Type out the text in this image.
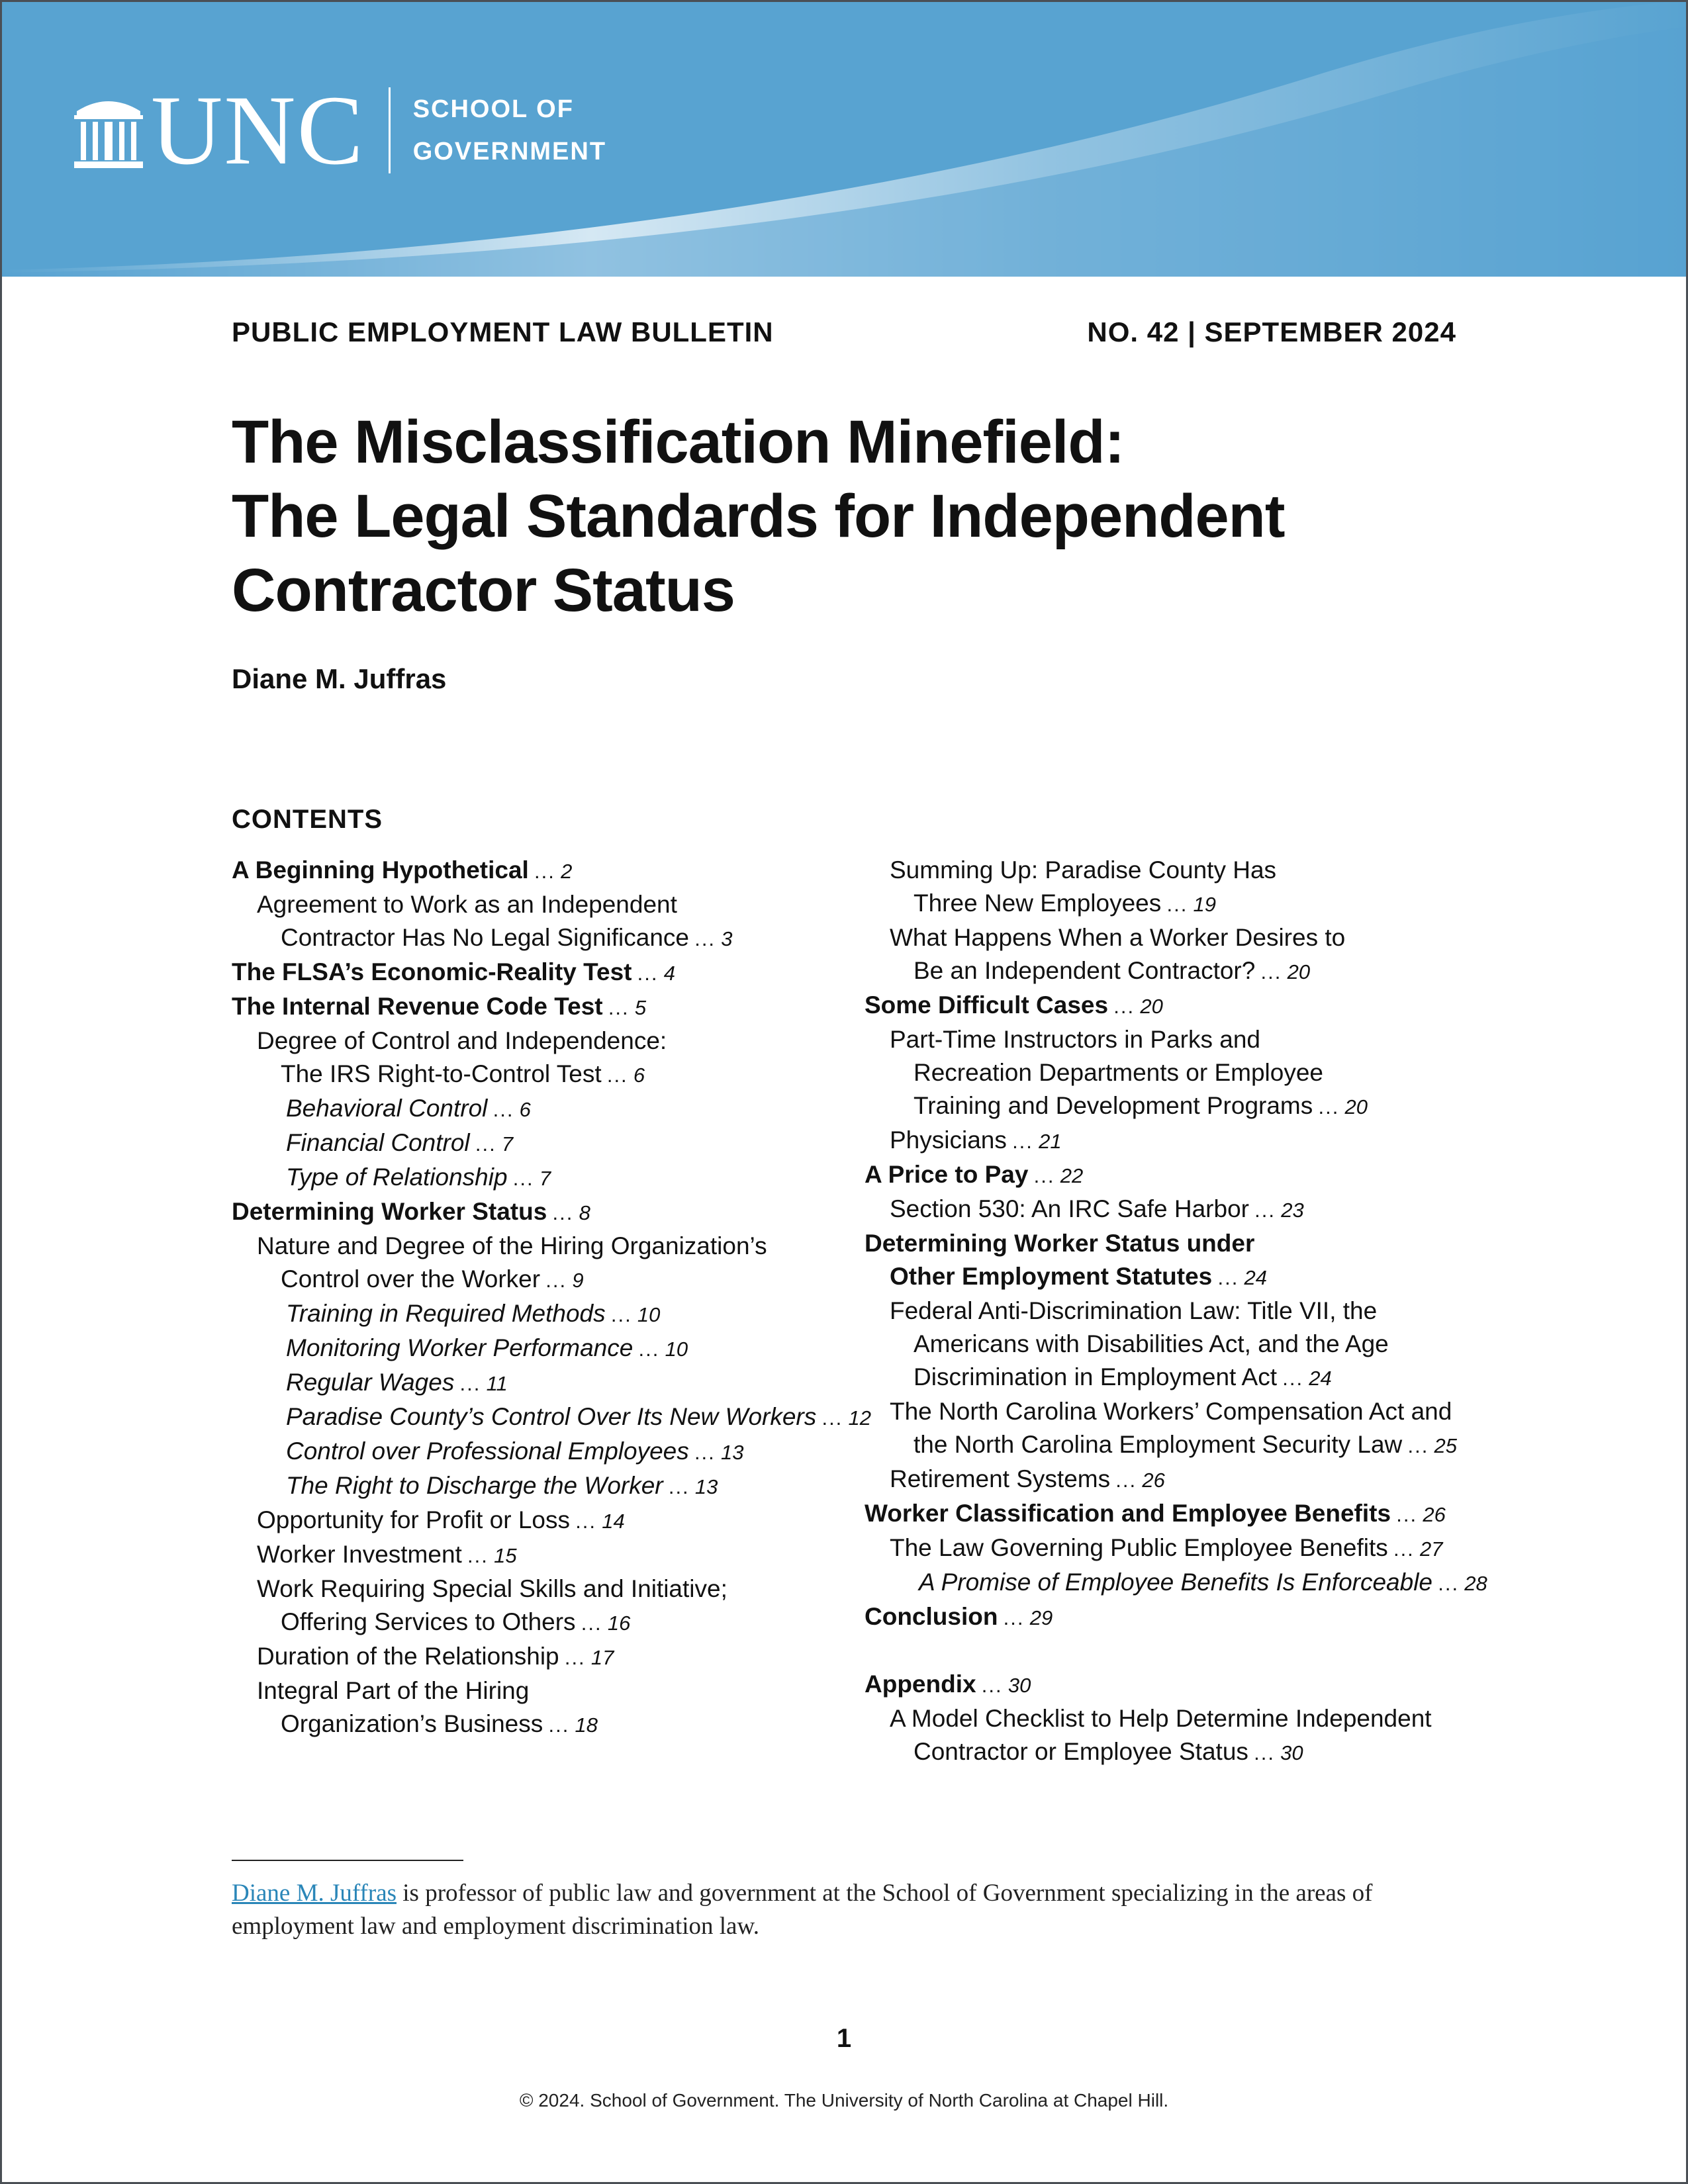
UNC SCHOOL OF
GOVERNMENT
PUBLIC EMPLOYMENT LAW BULLETIN	NO. 42 | SEPTEMBER 2024
The Misclassification Minefield:
The Legal Standards for Independent
Contractor Status
Diane M. Juffras
CONTENTS
A Beginning Hypothetical ... 2
Agreement to Work as an Independent
Contractor Has No Legal Significance ... 3
The FLSA’s Economic-Reality Test ... 4
The Internal Revenue Code Test ... 5
Degree of Control and Independence:
The IRS Right-to-Control Test ... 6
Behavioral Control ... 6
Financial Control ... 7
Type of Relationship ... 7
Determining Worker Status ... 8
Nature and Degree of the Hiring Organization’s
Control over the Worker ... 9
Training in Required Methods ... 10
Monitoring Worker Performance ... 10
Regular Wages ... 11
Paradise County’s Control Over Its New Workers ... 12
Control over Professional Employees ... 13
The Right to Discharge the Worker ... 13
Opportunity for Profit or Loss ... 14
Worker Investment ... 15
Work Requiring Special Skills and Initiative;
Offering Services to Others ... 16
Duration of the Relationship ... 17
Integral Part of the Hiring
Organization’s Business ... 18
Summing Up: Paradise County Has
Three New Employees ... 19
What Happens When a Worker Desires to
Be an Independent Contractor? ... 20
Some Difficult Cases ... 20
Part-Time Instructors in Parks and
Recreation Departments or Employee
Training and Development Programs ... 20
Physicians ... 21
A Price to Pay ... 22
Section 530: An IRC Safe Harbor ... 23
Determining Worker Status under
Other Employment Statutes ... 24
Federal Anti-Discrimination Law: Title VII, the
Americans with Disabilities Act, and the Age
Discrimination in Employment Act ... 24
The North Carolina Workers’ Compensation Act and
the North Carolina Employment Security Law ... 25
Retirement Systems ... 26
Worker Classification and Employee Benefits ... 26
The Law Governing Public Employee Benefits ... 27
A Promise of Employee Benefits Is Enforceable ... 28
Conclusion ... 29
Appendix ... 30
A Model Checklist to Help Determine Independent
Contractor or Employee Status ... 30

Diane M. Juffras is professor of public law and government at the School of Government specializing in the areas of employment law and employment discrimination law.

1
© 2024. School of Government. The University of North Carolina at Chapel Hill.
